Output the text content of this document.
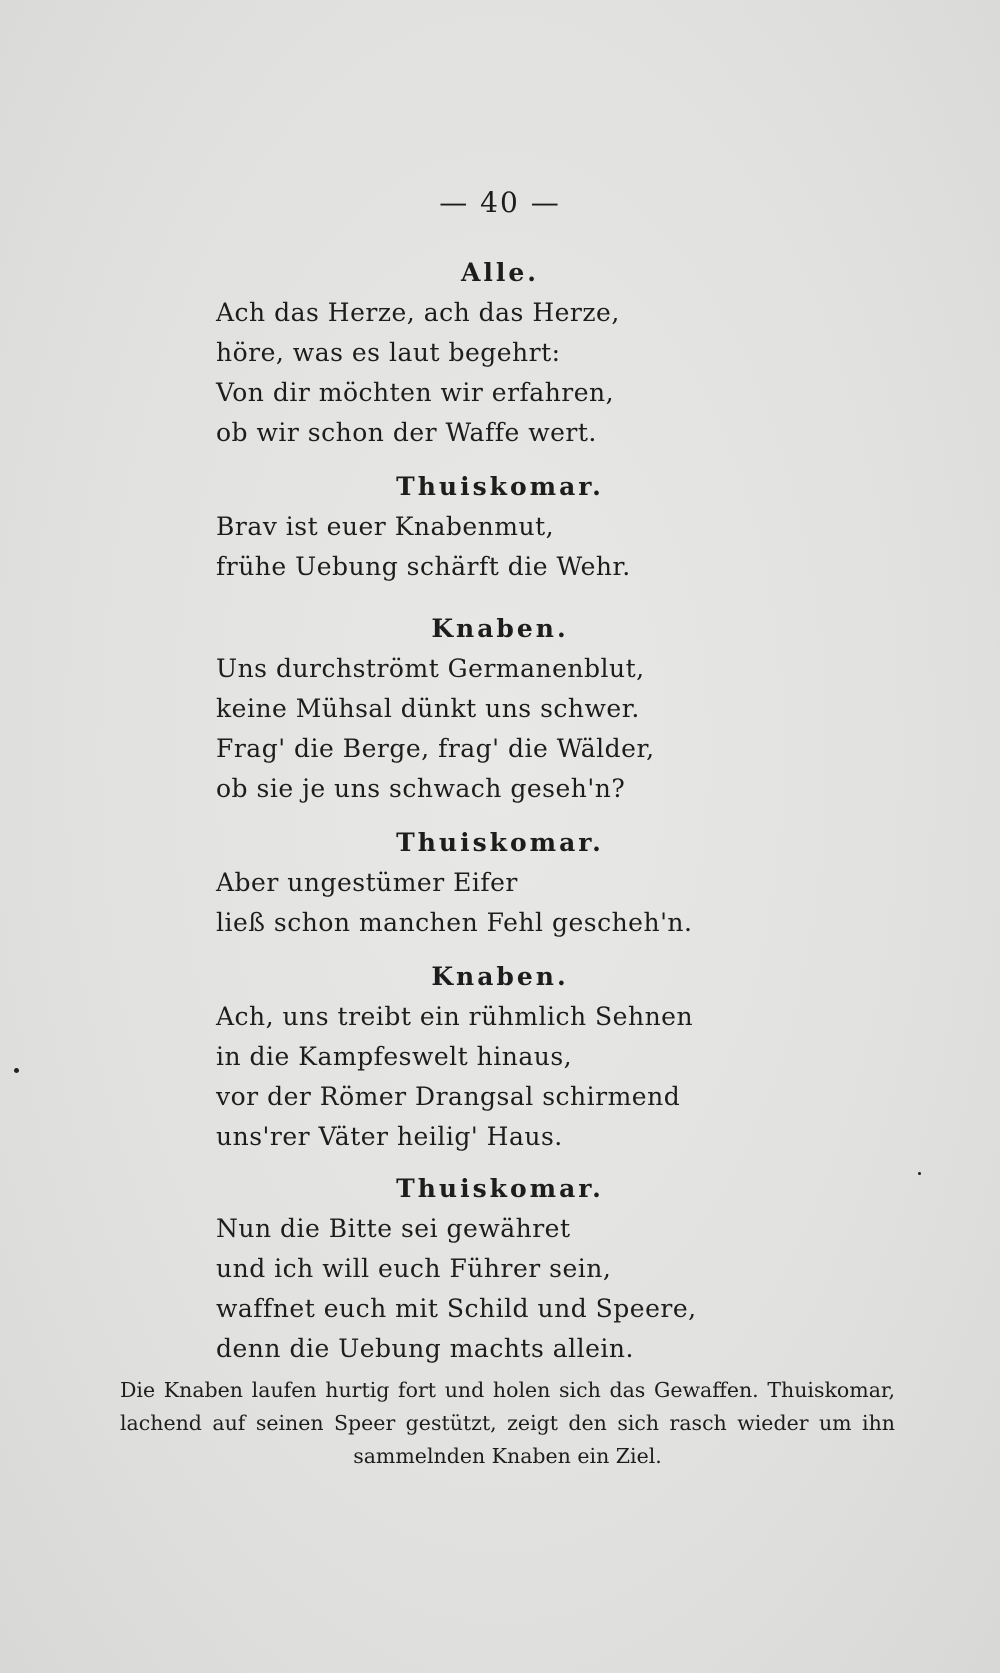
— 40 —
Alle.
Ach das Herze, ach das Herze,
höre, was es laut begehrt:
Von dir möchten wir erfahren,
ob wir schon der Waffe wert.
Thuiskomar.
Brav ist euer Knabenmut,
frühe Uebung schärft die Wehr.
Knaben.
Uns durchströmt Germanenblut,
keine Mühsal dünkt uns schwer.
Frag' die Berge, frag' die Wälder,
ob sie je uns schwach geseh'n?
Thuiskomar.
Aber ungestümer Eifer
ließ schon manchen Fehl gescheh'n.
Knaben.
Ach, uns treibt ein rühmlich Sehnen
in die Kampfeswelt hinaus,
vor der Römer Drangsal schirmend
uns'rer Väter heilig' Haus.
Thuiskomar.
Nun die Bitte sei gewähret
und ich will euch Führer sein,
waffnet euch mit Schild und Speere,
denn die Uebung machts allein.
Die Knaben laufen hurtig fort und holen sich das Gewaffen. Thuiskomar, lachend auf seinen Speer gestützt, zeigt den sich rasch wieder um ihn sammelnden Knaben ein Ziel.
